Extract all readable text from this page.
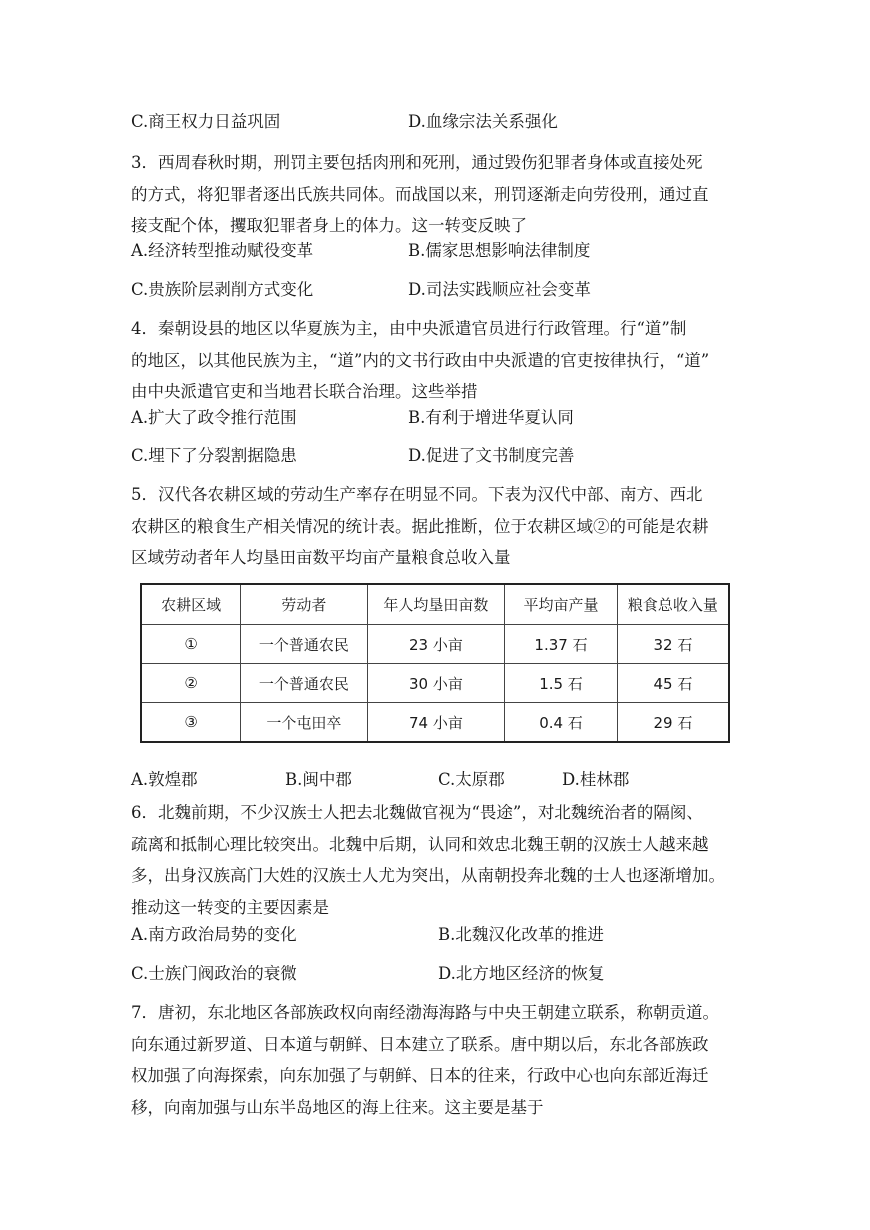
C.商王权力日益巩固	D.血缘宗法关系强化
3．西周春秋时期，刑罚主要包括肉刑和死刑，通过毁伤犯罪者身体或直接处死
的方式，将犯罪者逐出氏族共同体。而战国以来，刑罚逐渐走向劳役刑，通过直
接支配个体，攫取犯罪者身上的体力。这一转变反映了
A.经济转型推动赋役变革	B.儒家思想影响法律制度
C.贵族阶层剥削方式变化	D.司法实践顺应社会变革
4．秦朝设县的地区以华夏族为主，由中央派遣官员进行行政管理。行“道”制
的地区，以其他民族为主，“道”内的文书行政由中央派遣的官吏按律执行，“道”
由中央派遣官吏和当地君长联合治理。这些举措
A.扩大了政令推行范围	B.有利于增进华夏认同
C.埋下了分裂割据隐患	D.促进了文书制度完善
5．汉代各农耕区域的劳动生产率存在明显不同。下表为汉代中部、南方、西北
农耕区的粮食生产相关情况的统计表。据此推断，位于农耕区域②的可能是农耕
区域劳动者年人均垦田亩数平均亩产量粮食总收入量
农耕区域	劳动者	年人均垦田亩数	平均亩产量	粮食总收入量
①	一个普通农民	23 小亩	1.37 石	32 石
②	一个普通农民	30 小亩	1.5 石	45 石
③	一个屯田卒	74 小亩	0.4 石	29 石
A.敦煌郡	B.闽中郡	C.太原郡	D.桂林郡
6．北魏前期，不少汉族士人把去北魏做官视为“畏途”，对北魏统治者的隔阂、
疏离和抵制心理比较突出。北魏中后期，认同和效忠北魏王朝的汉族士人越来越
多，出身汉族高门大姓的汉族士人尤为突出，从南朝投奔北魏的士人也逐渐增加。
推动这一转变的主要因素是
A.南方政治局势的变化	B.北魏汉化改革的推进
C.士族门阀政治的衰微	D.北方地区经济的恢复
7．唐初，东北地区各部族政权向南经渤海海路与中央王朝建立联系，称朝贡道。
向东通过新罗道、日本道与朝鲜、日本建立了联系。唐中期以后，东北各部族政
权加强了向海探索，向东加强了与朝鲜、日本的往来，行政中心也向东部近海迁
移，向南加强与山东半岛地区的海上往来。这主要是基于
